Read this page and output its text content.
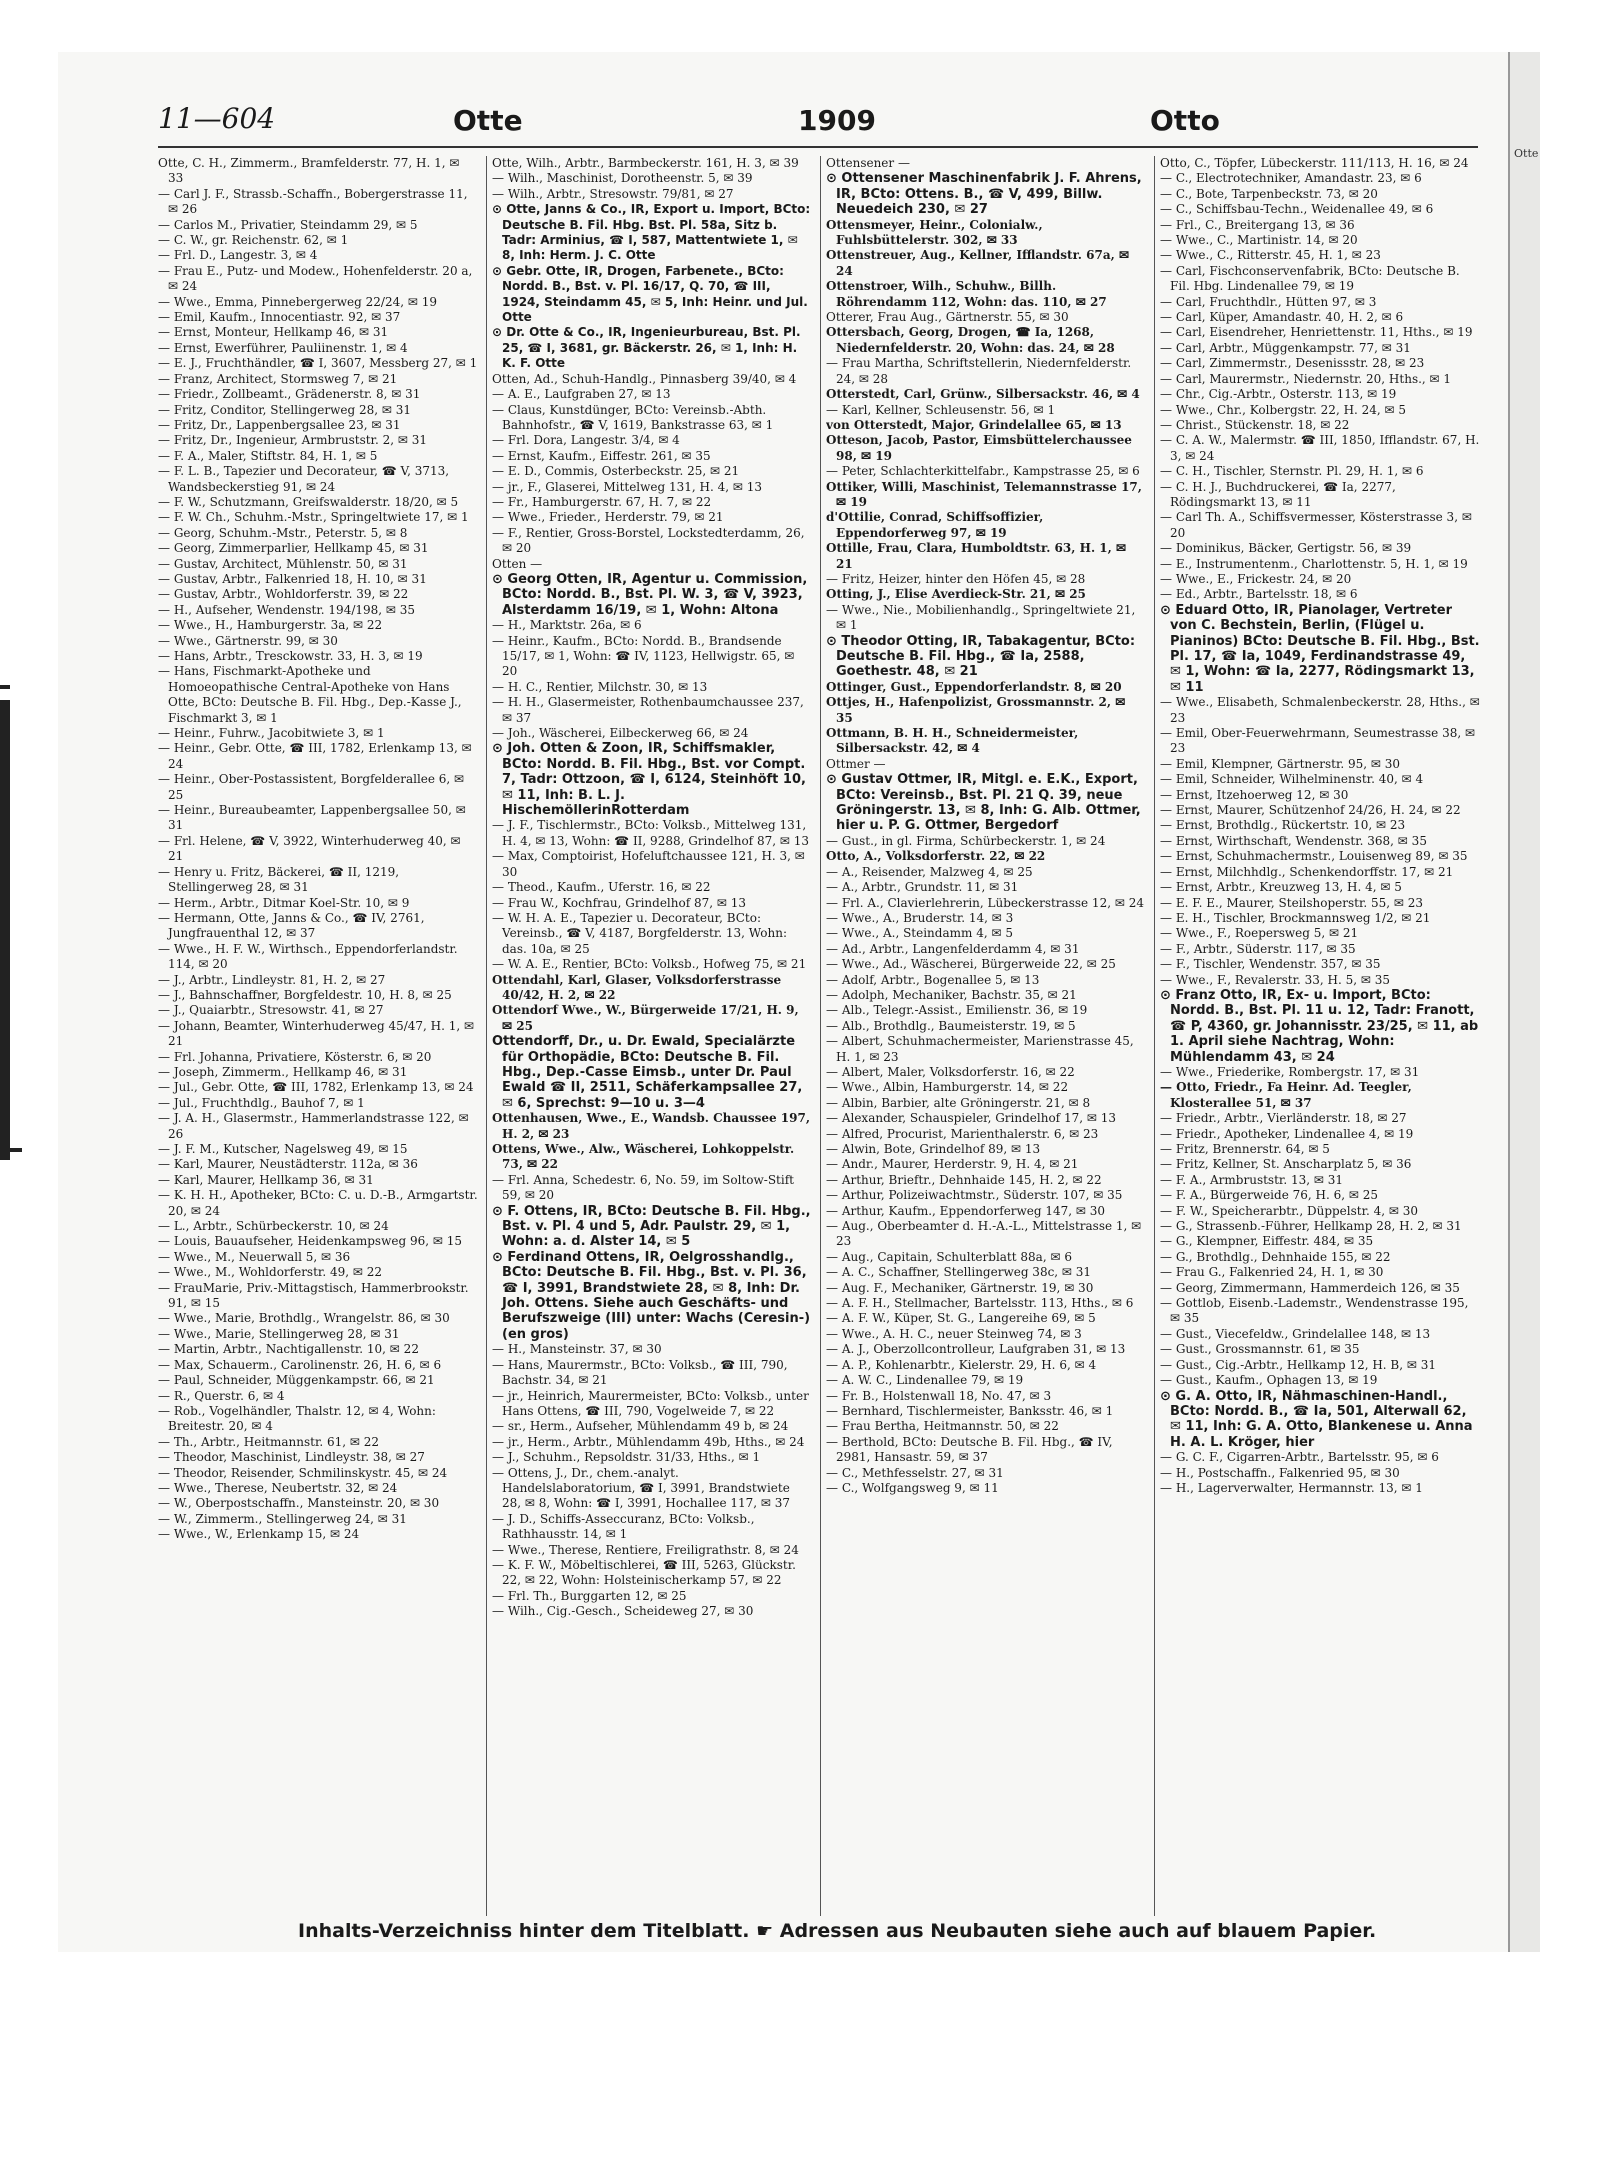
11—604	Otte	1909	Otto

Otte, C. H., Zimmerm., Bramfelderstr. 77, H. 1, ✉ 33

— Carl J. F., Strassb.-Schaffn., Bobergerstrasse 11, ✉ 26

— Carlos M., Privatier, Steindamm 29, ✉ 5

— C. W., gr. Reichenstr. 62, ✉ 1

— Frl. D., Langestr. 3, ✉ 4

— Frau E., Putz- und Modew., Hohenfelderstr. 20 a, ✉ 24

— Wwe., Emma, Pinnebergerweg 22/24, ✉ 19

— Emil, Kaufm., Innocentiastr. 92, ✉ 37

— Ernst, Monteur, Hellkamp 46, ✉ 31

— Ernst, Ewerführer, Pauliinenstr. 1, ✉ 4

— E. J., Fruchthändler, ☎ I, 3607, Messberg 27, ✉ 1

— Franz, Architect, Stormsweg 7, ✉ 21

— Friedr., Zollbeamt., Grädenerstr. 8, ✉ 31

— Fritz, Conditor, Stellingerweg 28, ✉ 31

— Fritz, Dr., Lappenbergsallee 23, ✉ 31

— Fritz, Dr., Ingenieur, Armbruststr. 2, ✉ 31

— F. A., Maler, Stiftstr. 84, H. 1, ✉ 5

— F. L. B., Tapezier und Decorateur, ☎ V, 3713, Wandsbeckerstieg 91, ✉ 24

— F. W., Schutzmann, Greifswalderstr. 18/20, ✉ 5

— F. W. Ch., Schuhm.-Mstr., Springeltwiete 17, ✉ 1

— Georg, Schuhm.-Mstr., Peterstr. 5, ✉ 8

— Georg, Zimmerparlier, Hellkamp 45, ✉ 31

— Gustav, Architect, Mühlenstr. 50, ✉ 31

— Gustav, Arbtr., Falkenried 18, H. 10, ✉ 31

— Gustav, Arbtr., Wohldorferstr. 39, ✉ 22

— H., Aufseher, Wendenstr. 194/198, ✉ 35

— Wwe., H., Hamburgerstr. 3a, ✉ 22

— Wwe., Gärtnerstr. 99, ✉ 30

— Hans, Arbtr., Tresckowstr. 33, H. 3, ✉ 19

— Hans, Fischmarkt-Apotheke und Homoeopathische Central-Apotheke von Hans Otte, BCto: Deutsche B. Fil. Hbg., Dep.-Kasse J., Fischmarkt 3, ✉ 1

— Heinr., Fuhrw., Jacobitwiete 3, ✉ 1

— Heinr., Gebr. Otte, ☎ III, 1782, Erlenkamp 13, ✉ 24

— Heinr., Ober-Postassistent, Borgfelderallee 6, ✉ 25

— Heinr., Bureaubeamter, Lappenbergsallee 50, ✉ 31

— Frl. Helene, ☎ V, 3922, Winterhuderweg 40, ✉ 21

— Henry u. Fritz, Bäckerei, ☎ II, 1219, Stellingerweg 28, ✉ 31

— Herm., Arbtr., Ditmar Koel-Str. 10, ✉ 9

— Hermann, Otte, Janns & Co., ☎ IV, 2761, Jungfrauenthal 12, ✉ 37

— Wwe., H. F. W., Wirthsch., Eppendorferlandstr. 114, ✉ 20

— J., Arbtr., Lindleystr. 81, H. 2, ✉ 27

— J., Bahnschaffner, Borgfeldestr. 10, H. 8, ✉ 25

— J., Quaiarbtr., Stresowstr. 41, ✉ 27

— Johann, Beamter, Winterhuderweg 45/47, H. 1, ✉ 21

— Frl. Johanna, Privatiere, Kösterstr. 6, ✉ 20

— Joseph, Zimmerm., Hellkamp 46, ✉ 31

— Jul., Gebr. Otte, ☎ III, 1782, Erlenkamp 13, ✉ 24

— Jul., Fruchthdlg., Bauhof 7, ✉ 1

— J. A. H., Glasermstr., Hammerlandstrasse 122, ✉ 26

— J. F. M., Kutscher, Nagelsweg 49, ✉ 15

— Karl, Maurer, Neustädterstr. 112a, ✉ 36

— Karl, Maurer, Hellkamp 36, ✉ 31

— K. H. H., Apotheker, BCto: C. u. D.-B., Armgartstr. 20, ✉ 24

— L., Arbtr., Schürbeckerstr. 10, ✉ 24

— Louis, Bauaufseher, Heidenkampsweg 96, ✉ 15

— Wwe., M., Neuerwall 5, ✉ 36

— Wwe., M., Wohldorferstr. 49, ✉ 22

— FrauMarie, Priv.-Mittagstisch, Hammerbrookstr. 91, ✉ 15

— Wwe., Marie, Brothdlg., Wrangelstr. 86, ✉ 30

— Wwe., Marie, Stellingerweg 28, ✉ 31

— Martin, Arbtr., Nachtigallenstr. 10, ✉ 22

— Max, Schauerm., Carolinenstr. 26, H. 6, ✉ 6

— Paul, Schneider, Müggenkampstr. 66, ✉ 21

— R., Querstr. 6, ✉ 4

— Rob., Vogelhändler, Thalstr. 12, ✉ 4, Wohn: Breitestr. 20, ✉ 4

— Th., Arbtr., Heitmannstr. 61, ✉ 22

— Theodor, Maschinist, Lindleystr. 38, ✉ 27

— Theodor, Reisender, Schmilinskystr. 45, ✉ 24

— Wwe., Therese, Neubertstr. 32, ✉ 24

— W., Oberpostschaffn., Mansteinstr. 20, ✉ 30

— W., Zimmerm., Stellingerweg 24, ✉ 31

— Wwe., W., Erlenkamp 15, ✉ 24

Otte, Wilh., Arbtr., Barmbeckerstr. 161, H. 3, ✉ 39

— Wilh., Maschinist, Dorotheenstr. 5, ✉ 39

— Wilh., Arbtr., Stresowstr. 79/81, ✉ 27

⊙ Otte, Janns & Co., IR, Export u. Import, BCto: Deutsche B. Fil. Hbg. Bst. Pl. 58a, Sitz b. Tadr: Arminius, ☎ I, 587, Mattentwiete 1, ✉ 8, Inh: Herm. J. C. Otte

⊙ Gebr. Otte, IR, Drogen, Farbenete., BCto: Nordd. B., Bst. v. Pl. 16/17, Q. 70, ☎ III, 1924, Steindamm 45, ✉ 5, Inh: Heinr. und Jul. Otte

⊙ Dr. Otte & Co., IR, Ingenieurbureau, Bst. Pl. 25, ☎ I, 3681, gr. Bäckerstr. 26, ✉ 1, Inh: H. K. F. Otte

Otten, Ad., Schuh-Handlg., Pinnasberg 39/40, ✉ 4

— A. E., Laufgraben 27, ✉ 13

— Claus, Kunstdünger, BCto: Vereinsb.-Abth. Bahnhofstr., ☎ V, 1619, Bankstrasse 63, ✉ 1

— Frl. Dora, Langestr. 3/4, ✉ 4

— Ernst, Kaufm., Eiffestr. 261, ✉ 35

— E. D., Commis, Osterbeckstr. 25, ✉ 21

— jr., F., Glaserei, Mittelweg 131, H. 4, ✉ 13

— Fr., Hamburgerstr. 67, H. 7, ✉ 22

— Wwe., Frieder., Herderstr. 79, ✉ 21

— F., Rentier, Gross-Borstel, Lockstedterdamm, 26, ✉ 20

Otten —

⊙ Georg Otten, IR, Agentur u. Commission, BCto: Nordd. B., Bst. Pl. W. 3, ☎ V, 3923, Alsterdamm 16/19, ✉ 1, Wohn: Altona

— H., Marktstr. 26a, ✉ 6

— Heinr., Kaufm., BCto: Nordd. B., Brandsende 15/17, ✉ 1, Wohn: ☎ IV, 1123, Hellwigstr. 65, ✉ 20

— H. C., Rentier, Milchstr. 30, ✉ 13

— H. H., Glasermeister, Rothenbaumchaussee 237, ✉ 37

— Joh., Wäscherei, Eilbeckerweg 66, ✉ 24

⊙ Joh. Otten & Zoon, IR, Schiffsmakler, BCto: Nordd. B. Fil. Hbg., Bst. vor Compt. 7, Tadr: Ottzoon, ☎ I, 6124, Steinhöft 10, ✉ 11, Inh: B. L. J. HischemöllerinRotterdam

— J. F., Tischlermstr., BCto: Volksb., Mittelweg 131, H. 4, ✉ 13, Wohn: ☎ II, 9288, Grindelhof 87, ✉ 13

— Max, Comptoirist, Hofeluftchaussee 121, H. 3, ✉ 30

— Theod., Kaufm., Uferstr. 16, ✉ 22

— Frau W., Kochfrau, Grindelhof 87, ✉ 13

— W. H. A. E., Tapezier u. Decorateur, BCto: Vereinsb., ☎ V, 4187, Borgfelderstr. 13, Wohn: das. 10a, ✉ 25

— W. A. E., Rentier, BCto: Volksb., Hofweg 75, ✉ 21

Ottendahl, Karl, Glaser, Volksdorferstrasse 40/42, H. 2, ✉ 22

Ottendorf Wwe., W., Bürgerweide 17/21, H. 9, ✉ 25

Ottendorff, Dr., u. Dr. Ewald, Specialärzte für Orthopädie, BCto: Deutsche B. Fil. Hbg., Dep.-Casse Eimsb., unter Dr. Paul Ewald ☎ II, 2511, Schäferkampsallee 27, ✉ 6, Sprechst: 9—10 u. 3—4

Ottenhausen, Wwe., E., Wandsb. Chaussee 197, H. 2, ✉ 23

Ottens, Wwe., Alw., Wäscherei, Lohkoppelstr. 73, ✉ 22

— Frl. Anna, Schedestr. 6, No. 59, im Soltow-Stift 59, ✉ 20

⊙ F. Ottens, IR, BCto: Deutsche B. Fil. Hbg., Bst. v. Pl. 4 und 5, Adr. Paulstr. 29, ✉ 1, Wohn: a. d. Alster 14, ✉ 5

⊙ Ferdinand Ottens, IR, Oelgrosshandlg., BCto: Deutsche B. Fil. Hbg., Bst. v. Pl. 36, ☎ I, 3991, Brandstwiete 28, ✉ 8, Inh: Dr. Joh. Ottens. Siehe auch Geschäfts- und Berufszweige (III) unter: Wachs (Ceresin-) (en gros)

— H., Mansteinstr. 37, ✉ 30

— Hans, Maurermstr., BCto: Volksb., ☎ III, 790, Bachstr. 34, ✉ 21

— jr., Heinrich, Maurermeister, BCto: Volksb., unter Hans Ottens, ☎ III, 790, Vogelweide 7, ✉ 22

— sr., Herm., Aufseher, Mühlendamm 49 b, ✉ 24

— jr., Herm., Arbtr., Mühlendamm 49b, Hths., ✉ 24

— J., Schuhm., Repsoldstr. 31/33, Hths., ✉ 1

— Ottens, J., Dr., chem.-analyt. Handelslaboratorium, ☎ I, 3991, Brandstwiete 28, ✉ 8, Wohn: ☎ I, 3991, Hochallee 117, ✉ 37

— J. D., Schiffs-Asseccuranz, BCto: Volksb., Rathhausstr. 14, ✉ 1

— Wwe., Therese, Rentiere, Freiligrathstr. 8, ✉ 24

— K. F. W., Möbeltischlerei, ☎ III, 5263, Glückstr. 22, ✉ 22, Wohn: Holsteinischerkamp 57, ✉ 22

— Frl. Th., Burggarten 12, ✉ 25

— Wilh., Cig.-Gesch., Scheideweg 27, ✉ 30

Ottensener —

⊙ Ottensener Maschinenfabrik J. F. Ahrens, IR, BCto: Ottens. B., ☎ V, 499, Billw. Neuedeich 230, ✉ 27

Ottensmeyer, Heinr., Colonialw., Fuhlsbüttelerstr. 302, ✉ 33

Ottenstreuer, Aug., Kellner, Ifflandstr. 67a, ✉ 24

Ottenstroer, Wilh., Schuhw., Billh. Röhrendamm 112, Wohn: das. 110, ✉ 27

Otterer, Frau Aug., Gärtnerstr. 55, ✉ 30

Ottersbach, Georg, Drogen, ☎ Ia, 1268, Niedernfelderstr. 20, Wohn: das. 24, ✉ 28

— Frau Martha, Schriftstellerin, Niedernfelderstr. 24, ✉ 28

Otterstedt, Carl, Grünw., Silbersackstr. 46, ✉ 4

— Karl, Kellner, Schleusenstr. 56, ✉ 1

von Otterstedt, Major, Grindelallee 65, ✉ 13

Otteson, Jacob, Pastor, Eimsbüttelerchaussee 98, ✉ 19

— Peter, Schlachterkittelfabr., Kampstrasse 25, ✉ 6

Ottiker, Willi, Maschinist, Telemannstrasse 17, ✉ 19

d'Ottilie, Conrad, Schiffsoffizier, Eppendorferweg 97, ✉ 19

Ottille, Frau, Clara, Humboldtstr. 63, H. 1, ✉ 21

— Fritz, Heizer, hinter den Höfen 45, ✉ 28

Otting, J., Elise Averdieck-Str. 21, ✉ 25

— Wwe., Nie., Mobilienhandlg., Springeltwiete 21, ✉ 1

⊙ Theodor Otting, IR, Tabakagentur, BCto: Deutsche B. Fil. Hbg., ☎ Ia, 2588, Goethestr. 48, ✉ 21

Ottinger, Gust., Eppendorferlandstr. 8, ✉ 20

Ottjes, H., Hafenpolizist, Grossmannstr. 2, ✉ 35

Ottmann, B. H. H., Schneidermeister, Silbersackstr. 42, ✉ 4

Ottmer —

⊙ Gustav Ottmer, IR, Mitgl. e. E.K., Export, BCto: Vereinsb., Bst. Pl. 21 Q. 39, neue Gröningerstr. 13, ✉ 8, Inh: G. Alb. Ottmer, hier u. P. G. Ottmer, Bergedorf

— Gust., in gl. Firma, Schürbeckerstr. 1, ✉ 24

Otto, A., Volksdorferstr. 22, ✉ 22

— A., Reisender, Malzweg 4, ✉ 25

— A., Arbtr., Grundstr. 11, ✉ 31

— Frl. A., Clavierlehrerin, Lübeckerstrasse 12, ✉ 24

— Wwe., A., Bruderstr. 14, ✉ 3

— Wwe., A., Steindamm 4, ✉ 5

— Ad., Arbtr., Langenfelderdamm 4, ✉ 31

— Wwe., Ad., Wäscherei, Bürgerweide 22, ✉ 25

— Adolf, Arbtr., Bogenallee 5, ✉ 13

— Adolph, Mechaniker, Bachstr. 35, ✉ 21

— Alb., Telegr.-Assist., Emilienstr. 36, ✉ 19

— Alb., Brothdlg., Baumeisterstr. 19, ✉ 5

— Albert, Schuhmachermeister, Marienstrasse 45, H. 1, ✉ 23

— Albert, Maler, Volksdorferstr. 16, ✉ 22

— Wwe., Albin, Hamburgerstr. 14, ✉ 22

— Albin, Barbier, alte Gröningerstr. 21, ✉ 8

— Alexander, Schauspieler, Grindelhof 17, ✉ 13

— Alfred, Procurist, Marienthalerstr. 6, ✉ 23

— Alwin, Bote, Grindelhof 89, ✉ 13

— Andr., Maurer, Herderstr. 9, H. 4, ✉ 21

— Arthur, Brieftr., Dehnhaide 145, H. 2, ✉ 22

— Arthur, Polizeiwachtmstr., Süderstr. 107, ✉ 35

— Arthur, Kaufm., Eppendorferweg 147, ✉ 30

— Aug., Oberbeamter d. H.-A.-L., Mittelstrasse 1, ✉ 23

— Aug., Capitain, Schulterblatt 88a, ✉ 6

— A. C., Schaffner, Stellingerweg 38c, ✉ 31

— Aug. F., Mechaniker, Gärtnerstr. 19, ✉ 30

— A. F. H., Stellmacher, Bartelsstr. 113, Hths., ✉ 6

— A. F. W., Küper, St. G., Langereihe 69, ✉ 5

— Wwe., A. H. C., neuer Steinweg 74, ✉ 3

— A. J., Oberzollcontrolleur, Laufgraben 31, ✉ 13

— A. P., Kohlenarbtr., Kielerstr. 29, H. 6, ✉ 4

— A. W. C., Lindenallee 79, ✉ 19

— Fr. B., Holstenwall 18, No. 47, ✉ 3

— Bernhard, Tischlermeister, Banksstr. 46, ✉ 1

— Frau Bertha, Heitmannstr. 50, ✉ 22

— Berthold, BCto: Deutsche B. Fil. Hbg., ☎ IV, 2981, Hansastr. 59, ✉ 37

— C., Methfesselstr. 27, ✉ 31

— C., Wolfgangsweg 9, ✉ 11

Otto, C., Töpfer, Lübeckerstr. 111/113, H. 16, ✉ 24

— C., Electrotechniker, Amandastr. 23, ✉ 6

— C., Bote, Tarpenbeckstr. 73, ✉ 20

— C., Schiffsbau-Techn., Weidenallee 49, ✉ 6

— Frl., C., Breitergang 13, ✉ 36

— Wwe., C., Martinistr. 14, ✉ 20

— Wwe., C., Ritterstr. 45, H. 1, ✉ 23

— Carl, Fischconservenfabrik, BCto: Deutsche B. Fil. Hbg. Lindenallee 79, ✉ 19

— Carl, Fruchthdlr., Hütten 97, ✉ 3

— Carl, Küper, Amandastr. 40, H. 2, ✉ 6

— Carl, Eisendreher, Henriettenstr. 11, Hths., ✉ 19

— Carl, Arbtr., Müggenkampstr. 77, ✉ 31

— Carl, Zimmermstr., Desenissstr. 28, ✉ 23

— Carl, Maurermstr., Niedernstr. 20, Hths., ✉ 1

— Chr., Cig.-Arbtr., Osterstr. 113, ✉ 19

— Wwe., Chr., Kolbergstr. 22, H. 24, ✉ 5

— Christ., Stückenstr. 18, ✉ 22

— C. A. W., Malermstr. ☎ III, 1850, Ifflandstr. 67, H. 3, ✉ 24

— C. H., Tischler, Sternstr. Pl. 29, H. 1, ✉ 6

— C. H. J., Buchdruckerei, ☎ Ia, 2277, Rödingsmarkt 13, ✉ 11

— Carl Th. A., Schiffsvermesser, Kösterstrasse 3, ✉ 20

— Dominikus, Bäcker, Gertigstr. 56, ✉ 39

— E., Instrumentenm., Charlottenstr. 5, H. 1, ✉ 19

— Wwe., E., Frickestr. 24, ✉ 20

— Ed., Arbtr., Bartelsstr. 18, ✉ 6

⊙ Eduard Otto, IR, Pianolager, Vertreter von C. Bechstein, Berlin, (Flügel u. Pianinos) BCto: Deutsche B. Fil. Hbg., Bst. Pl. 17, ☎ Ia, 1049, Ferdinandstrasse 49, ✉ 1, Wohn: ☎ Ia, 2277, Rödingsmarkt 13, ✉ 11

— Wwe., Elisabeth, Schmalenbeckerstr. 28, Hths., ✉ 23

— Emil, Ober-Feuerwehrmann, Seumestrasse 38, ✉ 23

— Emil, Klempner, Gärtnerstr. 95, ✉ 30

— Emil, Schneider, Wilhelminenstr. 40, ✉ 4

— Ernst, Itzehoerweg 12, ✉ 30

— Ernst, Maurer, Schützenhof 24/26, H. 24, ✉ 22

— Ernst, Brothdlg., Rückertstr. 10, ✉ 23

— Ernst, Wirthschaft, Wendenstr. 368, ✉ 35

— Ernst, Schuhmachermstr., Louisenweg 89, ✉ 35

— Ernst, Milchhdlg., Schenkendorffstr. 17, ✉ 21

— Ernst, Arbtr., Kreuzweg 13, H. 4, ✉ 5

— E. F. E., Maurer, Steilshoperstr. 55, ✉ 23

— E. H., Tischler, Brockmannsweg 1/2, ✉ 21

— Wwe., F., Roepersweg 5, ✉ 21

— F., Arbtr., Süderstr. 117, ✉ 35

— F., Tischler, Wendenstr. 357, ✉ 35

— Wwe., F., Revalerstr. 33, H. 5, ✉ 35

⊙ Franz Otto, IR, Ex- u. Import, BCto: Nordd. B., Bst. Pl. 11 u. 12, Tadr: Franott, ☎ P, 4360, gr. Johannisstr. 23/25, ✉ 11, ab 1. April siehe Nachtrag, Wohn: Mühlendamm 43, ✉ 24

— Wwe., Friederike, Rombergstr. 17, ✉ 31

— Otto, Friedr., Fa Heinr. Ad. Teegler, Klosterallee 51, ✉ 37

— Friedr., Arbtr., Vierländerstr. 18, ✉ 27

— Friedr., Apotheker, Lindenallee 4, ✉ 19

— Fritz, Brennerstr. 64, ✉ 5

— Fritz, Kellner, St. Anscharplatz 5, ✉ 36

— F. A., Armbruststr. 13, ✉ 31

— F. A., Bürgerweide 76, H. 6, ✉ 25

— F. W., Speicherarbtr., Düppelstr. 4, ✉ 30

— G., Strassenb.-Führer, Hellkamp 28, H. 2, ✉ 31

— G., Klempner, Eiffestr. 484, ✉ 35

— G., Brothdlg., Dehnhaide 155, ✉ 22

— Frau G., Falkenried 24, H. 1, ✉ 30

— Georg, Zimmermann, Hammerdeich 126, ✉ 35

— Gottlob, Eisenb.-Lademstr., Wendenstrasse 195, ✉ 35

— Gust., Viecefeldw., Grindelallee 148, ✉ 13

— Gust., Grossmannstr. 61, ✉ 35

— Gust., Cig.-Arbtr., Hellkamp 12, H. B, ✉ 31

— Gust., Kaufm., Ophagen 13, ✉ 19

⊙ G. A. Otto, IR, Nähmaschinen-Handl., BCto: Nordd. B., ☎ Ia, 501, Alterwall 62, ✉ 11, Inh: G. A. Otto, Blankenese u. Anna H. A. L. Kröger, hier

— G. C. F., Cigarren-Arbtr., Bartelsstr. 95, ✉ 6

— H., Postschaffn., Falkenried 95, ✉ 30

— H., Lagerverwalter, Hermannstr. 13, ✉ 1

Inhalts-Verzeichniss hinter dem Titelblatt. ☛ Adressen aus Neubauten siehe auch auf blauem Papier.
Otte
